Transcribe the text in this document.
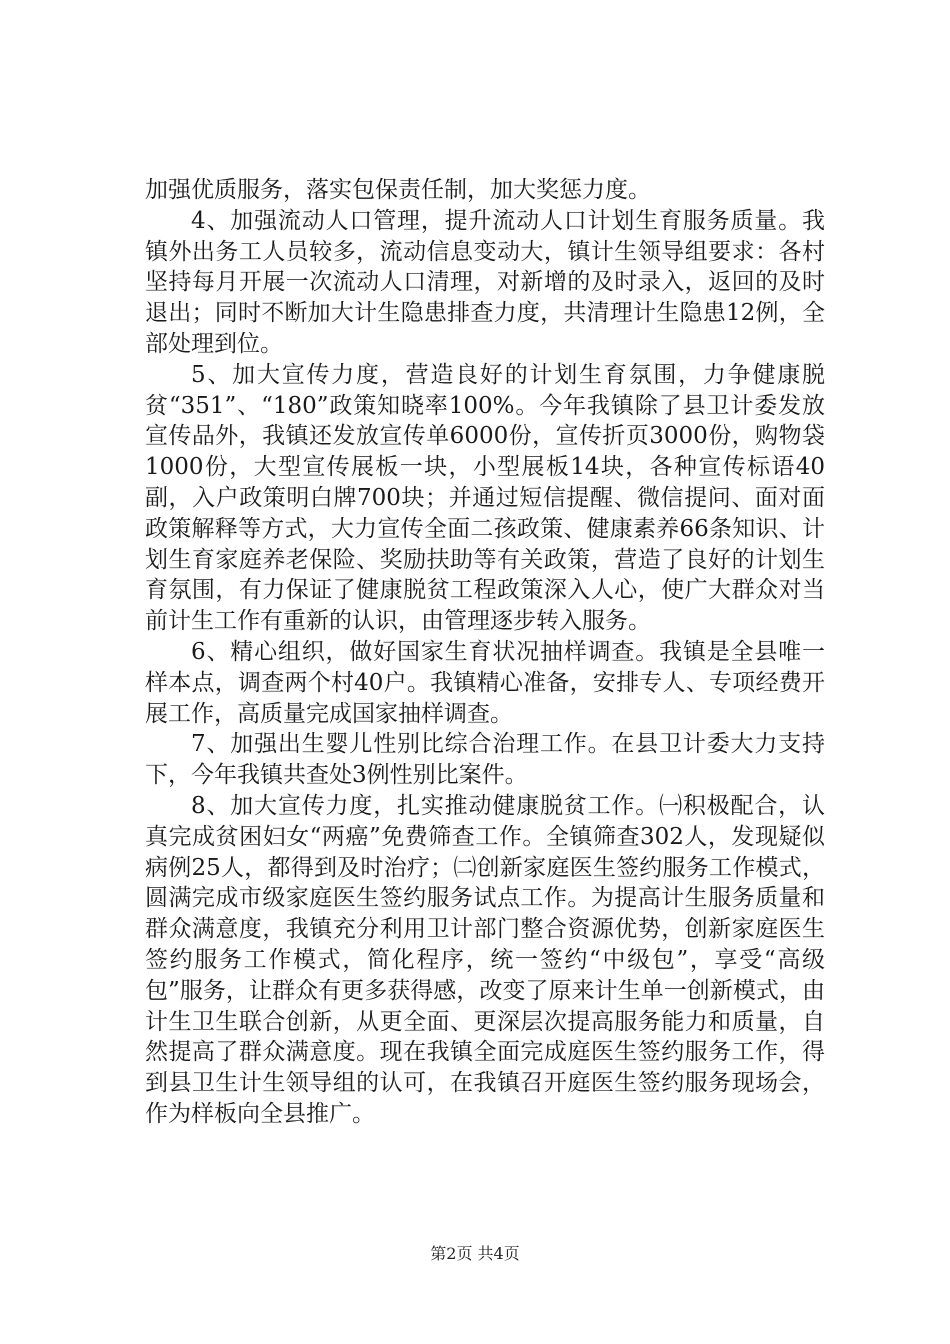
加强优质服务，落实包保责任制，加大奖惩力度。

4、加强流动人口管理，提升流动人口计划生育服务质量。我镇外出务工人员较多，流动信息变动大，镇计生领导组要求：各村坚持每月开展一次流动人口清理，对新增的及时录入，返回的及时退出；同时不断加大计生隐患排查力度，共清理计生隐患12例，全部处理到位。

5、加大宣传力度，营造良好的计划生育氛围，力争健康脱贫“351”、“180”政策知晓率100%。今年我镇除了县卫计委发放宣传品外，我镇还发放宣传单6000份，宣传折页3000份，购物袋1000份，大型宣传展板一块，小型展板14块，各种宣传标语40副，入户政策明白牌700块；并通过短信提醒、微信提问、面对面政策解释等方式，大力宣传全面二孩政策、健康素养66条知识、计划生育家庭养老保险、奖励扶助等有关政策，营造了良好的计划生育氛围，有力保证了健康脱贫工程政策深入人心，使广大群众对当前计生工作有重新的认识，由管理逐步转入服务。

6、精心组织，做好国家生育状况抽样调查。我镇是全县唯一样本点，调查两个村40户。我镇精心准备，安排专人、专项经费开展工作，高质量完成国家抽样调查。

7、加强出生婴儿性别比综合治理工作。在县卫计委大力支持下，今年我镇共查处3例性别比案件。

8、加大宣传力度，扎实推动健康脱贫工作。㈠积极配合，认真完成贫困妇女“两癌”免费筛查工作。全镇筛查302人，发现疑似病例25人，都得到及时治疗；㈡创新家庭医生签约服务工作模式，圆满完成市级家庭医生签约服务试点工作。为提高计生服务质量和群众满意度，我镇充分利用卫计部门整合资源优势，创新家庭医生签约服务工作模式，简化程序，统一签约“中级包”，享受“高级包”服务，让群众有更多获得感，改变了原来计生单一创新模式，由计生卫生联合创新，从更全面、更深层次提高服务能力和质量，自然提高了群众满意度。现在我镇全面完成庭医生签约服务工作，得到县卫生计生领导组的认可，在我镇召开庭医生签约服务现场会，作为样板向全县推广。

第2页 共4页
